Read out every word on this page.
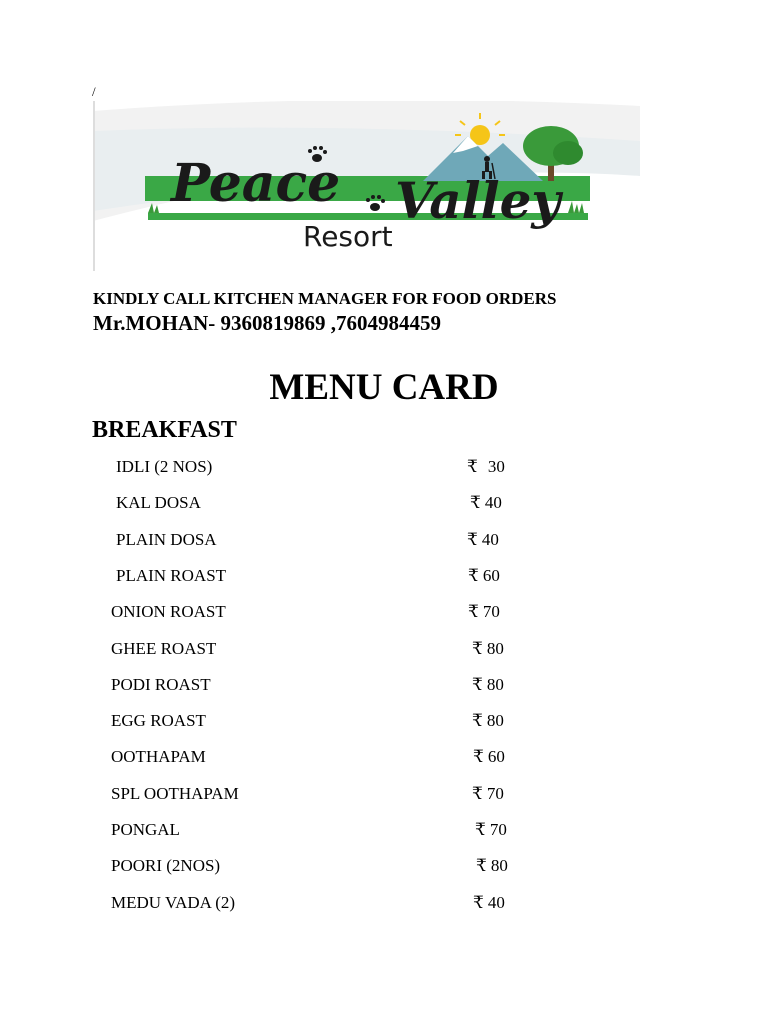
/
Peace Valley
Resort
KINDLY CALL KITCHEN MANAGER FOR FOOD ORDERS
Mr.MOHAN- 9360819869 ,7604984459
MENU CARD
BREAKFAST
IDLI (2 NOS)	₹ 30
KAL DOSA	₹ 40
PLAIN DOSA	₹ 40
PLAIN ROAST	₹ 60
ONION ROAST	₹ 70
GHEE ROAST	₹ 80
PODI ROAST	₹ 80
EGG ROAST	₹ 80
OOTHAPAM	₹ 60
SPL OOTHAPAM	₹ 70
PONGAL	₹ 70
POORI (2NOS)	₹ 80
MEDU VADA (2)	₹ 40
